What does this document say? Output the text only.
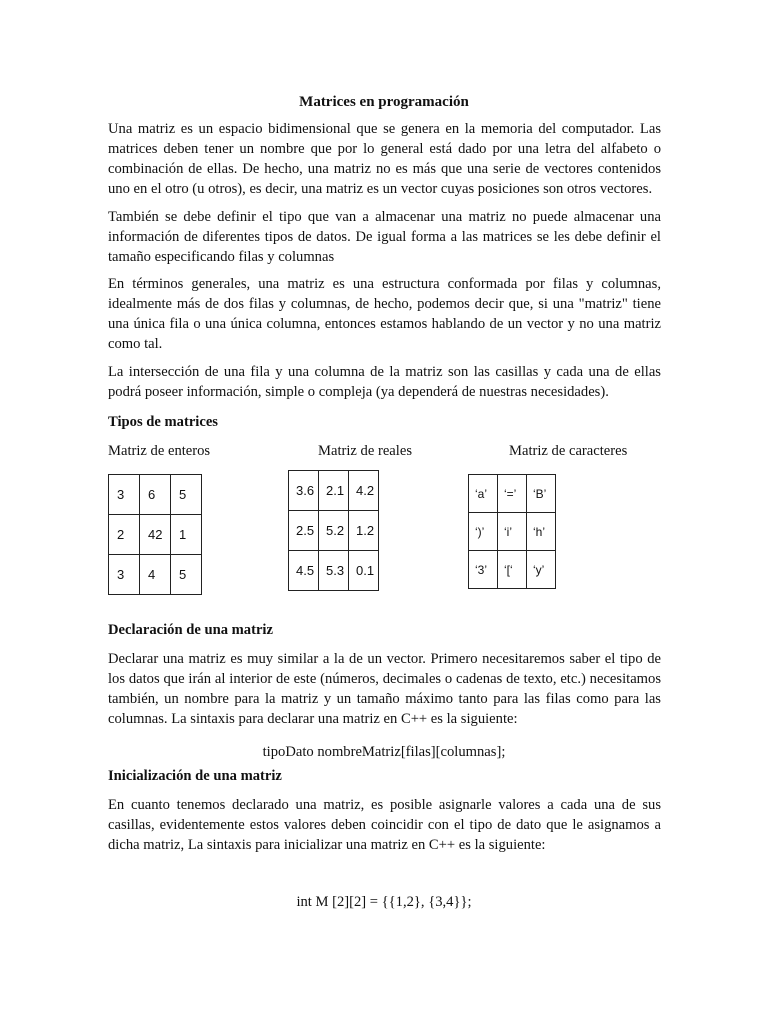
Matrices en programación

Una matriz es un espacio bidimensional que se genera en la memoria del computador. Las matrices deben tener un nombre que por lo general está dado por una letra del alfabeto o combinación de ellas. De hecho, una matriz no es más que una serie de vectores contenidos uno en el otro (u otros), es decir, una matriz es un vector cuyas posiciones son otros vectores.

También se debe definir el tipo que van a almacenar una matriz no puede almacenar una información de diferentes tipos de datos. De igual forma a las matrices se les debe definir el tamaño especificando filas y columnas

En términos generales, una matriz es una estructura conformada por filas y columnas, idealmente más de dos filas y columnas, de hecho, podemos decir que, si una "matriz" tiene una única fila o una única columna, entonces estamos hablando de un vector y no una matriz como tal.

La intersección de una fila y una columna de la matriz son las casillas y cada una de ellas podrá poseer información, simple o compleja (ya dependerá de nuestras necesidades).

Tipos de matrices
Matriz de enteros	Matriz de reales	Matriz de caracteres
3	6	5
2	42	1
3	4	5
3.6	2.1	4.2
2.5	5.2	1.2
4.5	5.3	0.1
‘a’	‘=’	‘B’
‘)’	‘i’	‘h’
‘3’	‘[‘	‘y’
Declaración de una matriz

Declarar una matriz es muy similar a la de un vector. Primero necesitaremos saber el tipo de los datos que irán al interior de este (números, decimales o cadenas de texto, etc.) necesitamos también, un nombre para la matriz y un tamaño máximo tanto para las filas como para las columnas. La sintaxis para declarar una matriz en C++ es la siguiente:

tipoDato nombreMatriz[filas][columnas];
Inicialización de una matriz

En cuanto tenemos declarado una matriz, es posible asignarle valores a cada una de sus casillas, evidentemente estos valores deben coincidir con el tipo de dato que le asignamos a dicha matriz, La sintaxis para inicializar una matriz en C++ es la siguiente:

int M [2][2] = {{1,2}, {3,4}};
